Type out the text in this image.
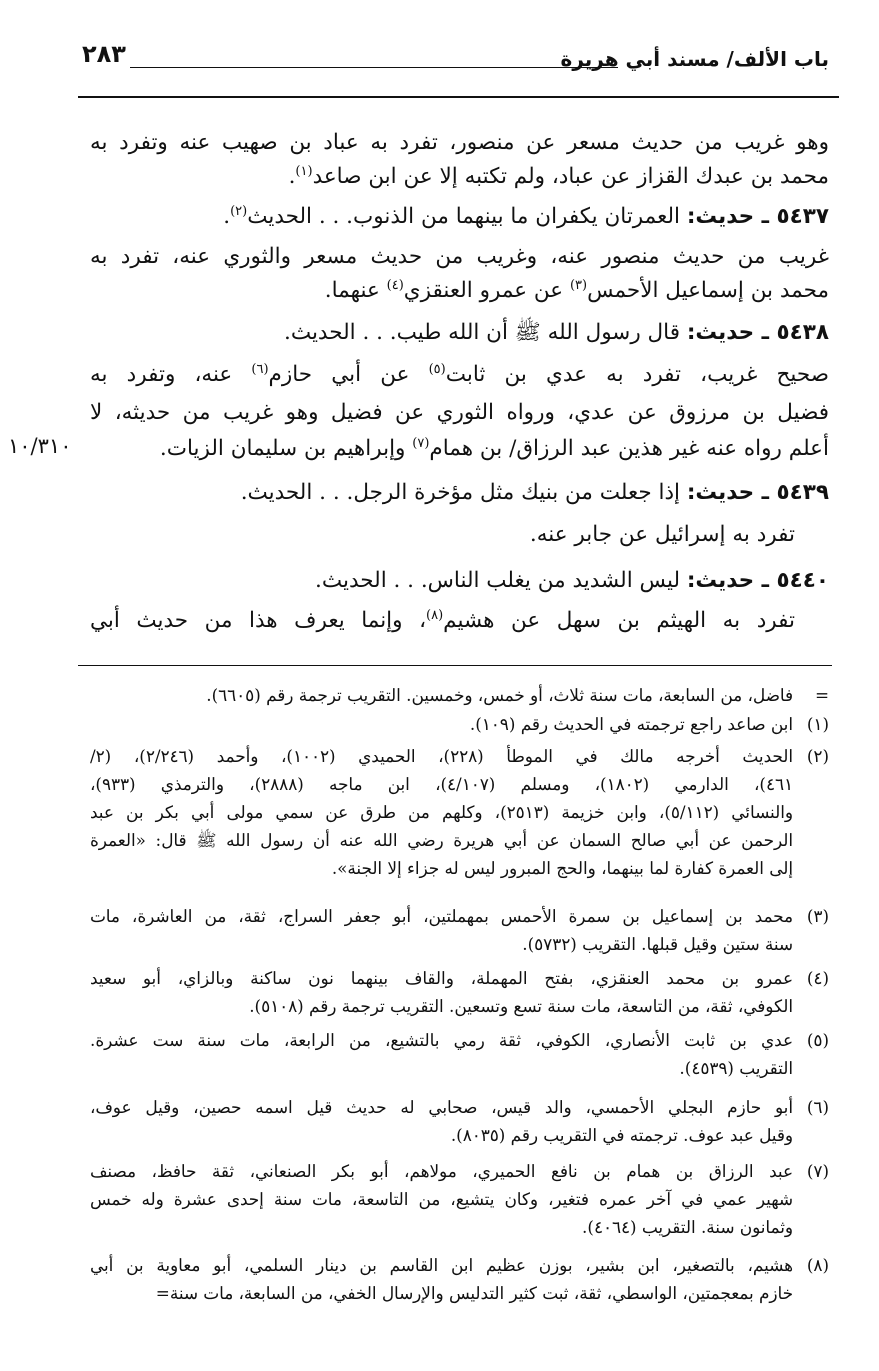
باب الألف/ مسند أبي هريرة
٢٨٣
١٠/٣١٠
وهو غريب من حديث مسعر عن منصور، تفرد به عباد بن صهيب عنه وتفرد به
محمد بن عبدك القزاز عن عباد، ولم تكتبه إلا عن ابن صاعد$^{(١)}$.
٥٤٣٧ ـ حديث: العمرتان يكفران ما بينهما من الذنوب. . . الحديث$^{(٢)}$.
غريب من حديث منصور عنه، وغريب من حديث مسعر والثوري عنه، تفرد به
محمد بن إسماعيل الأحمس$^{(٣)}$ عن عمرو العنقزي$^{(٤)}$ عنهما.
٥٤٣٨ ـ حديث: قال رسول الله ﷺ أن الله طيب. . . الحديث.
صحيح غريب، تفرد به عدي بن ثابت$^{(٥)}$ عن أبي حازم$^{(٦)}$ عنه، وتفرد به
فضيل بن مرزوق عن عدي، ورواه الثوري عن فضيل وهو غريب من حديثه، لا
أعلم رواه عنه غير هذين عبد الرزاق/ بن همام$^{(٧)}$ وإبراهيم بن سليمان الزيات.
٥٤٣٩ ـ حديث: إذا جعلت من بنيك مثل مؤخرة الرجل. . . الحديث.
تفرد به إسرائيل عن جابر عنه.
٥٤٤٠ ـ حديث: ليس الشديد من يغلب الناس. . . الحديث.
تفرد به الهيثم بن سهل عن هشيم$^{(٨)}$، وإنما يعرف هذا من حديث أبي
=
فاضل، من السابعة، مات سنة ثلاث، أو خمس، وخمسين. التقريب ترجمة رقم (٦٦٠٥).
(١)
ابن صاعد راجع ترجمته في الحديث رقم (١٠٩).
(٢)
الحديث أخرجه مالك في الموطأ (٢٢٨)، الحميدي (١٠٠٢)، وأحمد (٢/٢٤٦)، (٢/
٤٦١)، الدارمي (١٨٠٢)، ومسلم (٤/١٠٧)، ابن ماجه (٢٨٨٨)، والترمذي (٩٣٣)،
والنسائي (٥/١١٢)، وابن خزيمة (٢٥١٣)، وكلهم من طرق عن سمي مولى أبي بكر بن عبد
الرحمن عن أبي صالح السمان عن أبي هريرة رضي الله عنه أن رسول الله ﷺ قال: «العمرة
إلى العمرة كفارة لما بينهما، والحج المبرور ليس له جزاء إلا الجنة».
(٣)
محمد بن إسماعيل بن سمرة الأحمس بمهملتين، أبو جعفر السراج، ثقة، من العاشرة، مات
سنة ستين وقيل قبلها. التقريب (٥٧٣٢).
(٤)
عمرو بن محمد العنقزي، بفتح المهملة، والقاف بينهما نون ساكنة وبالزاي، أبو سعيد
الكوفي، ثقة، من التاسعة، مات سنة تسع وتسعين. التقريب ترجمة رقم (٥١٠٨).
(٥)
عدي بن ثابت الأنصاري، الكوفي، ثقة رمي بالتشيع، من الرابعة، مات سنة ست عشرة.
التقريب (٤٥٣٩).
(٦)
أبو حازم البجلي الأحمسي، والد قيس، صحابي له حديث قيل اسمه حصين، وقيل عوف،
وقيل عبد عوف. ترجمته في التقريب رقم (٨٠٣٥).
(٧)
عبد الرزاق بن همام بن نافع الحميري، مولاهم، أبو بكر الصنعاني، ثقة حافظ، مصنف
شهير عمي في آخر عمره فتغير، وكان يتشيع، من التاسعة، مات سنة إحدى عشرة وله خمس
وثمانون سنة. التقريب (٤٠٦٤).
(٨)
هشيم، بالتصغير، ابن بشير، بوزن عظيم ابن القاسم بن دينار السلمي، أبو معاوية بن أبي
خازم بمعجمتين، الواسطي، ثقة، ثبت كثير التدليس والإرسال الخفي، من السابعة، مات سنة=
